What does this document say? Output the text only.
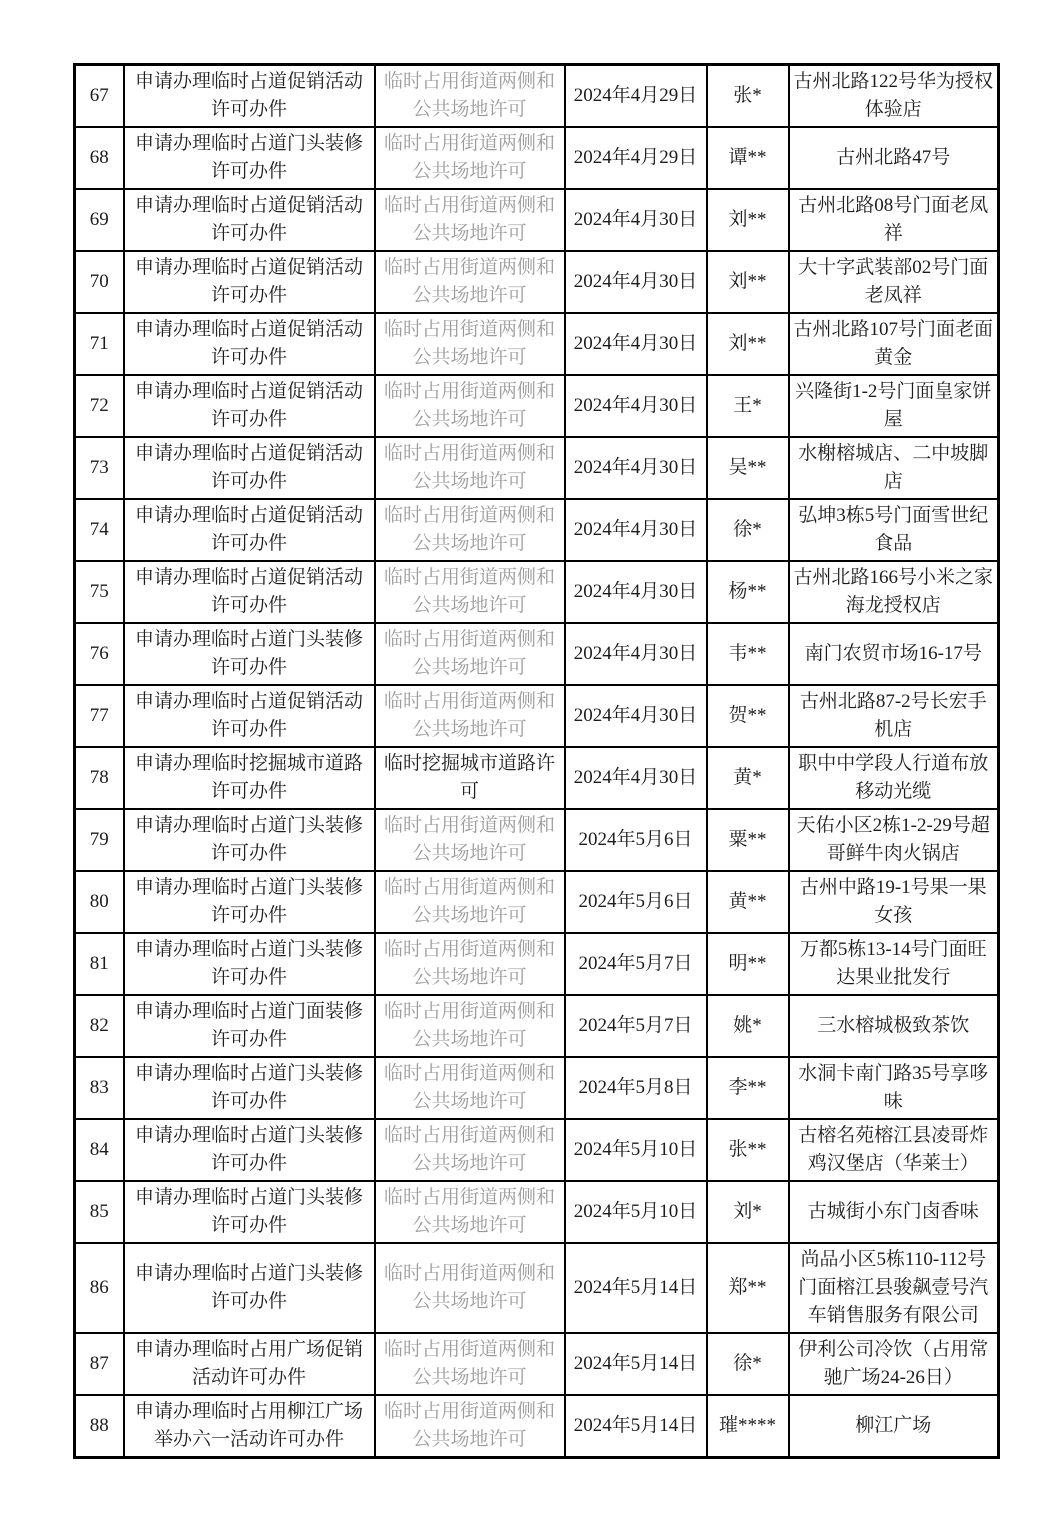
67	申请办理临时占道促销活动许可办件	临时占用街道两侧和公共场地许可	2024年4月29日	张*	古州北路122号华为授权体验店
68	申请办理临时占道门头装修许可办件	临时占用街道两侧和公共场地许可	2024年4月29日	谭**	古州北路47号
69	申请办理临时占道促销活动许可办件	临时占用街道两侧和公共场地许可	2024年4月30日	刘**	古州北路08号门面老凤祥
70	申请办理临时占道促销活动许可办件	临时占用街道两侧和公共场地许可	2024年4月30日	刘**	大十字武装部02号门面老凤祥
71	申请办理临时占道促销活动许可办件	临时占用街道两侧和公共场地许可	2024年4月30日	刘**	古州北路107号门面老面黄金
72	申请办理临时占道促销活动许可办件	临时占用街道两侧和公共场地许可	2024年4月30日	王*	兴隆街1-2号门面皇家饼屋
73	申请办理临时占道促销活动许可办件	临时占用街道两侧和公共场地许可	2024年4月30日	吴**	水榭榕城店、二中坡脚店
74	申请办理临时占道促销活动许可办件	临时占用街道两侧和公共场地许可	2024年4月30日	徐*	弘坤3栋5号门面雪世纪食品
75	申请办理临时占道促销活动许可办件	临时占用街道两侧和公共场地许可	2024年4月30日	杨**	古州北路166号小米之家海龙授权店
76	申请办理临时占道门头装修许可办件	临时占用街道两侧和公共场地许可	2024年4月30日	韦**	南门农贸市场16-17号
77	申请办理临时占道促销活动许可办件	临时占用街道两侧和公共场地许可	2024年4月30日	贺**	古州北路87-2号长宏手机店
78	申请办理临时挖掘城市道路许可办件	临时挖掘城市道路许可	2024年4月30日	黄*	职中中学段人行道布放移动光缆
79	申请办理临时占道门头装修许可办件	临时占用街道两侧和公共场地许可	2024年5月6日	粟**	天佑小区2栋1-2-29号超哥鲜牛肉火锅店
80	申请办理临时占道门头装修许可办件	临时占用街道两侧和公共场地许可	2024年5月6日	黄**	古州中路19-1号果一果女孩
81	申请办理临时占道门头装修许可办件	临时占用街道两侧和公共场地许可	2024年5月7日	明**	万都5栋13-14号门面旺达果业批发行
82	申请办理临时占道门面装修许可办件	临时占用街道两侧和公共场地许可	2024年5月7日	姚*	三水榕城极致茶饮
83	申请办理临时占道门头装修许可办件	临时占用街道两侧和公共场地许可	2024年5月8日	李**	水洞卡南门路35号享哆味
84	申请办理临时占道门头装修许可办件	临时占用街道两侧和公共场地许可	2024年5月10日	张**	古榕名苑榕江县凌哥炸鸡汉堡店（华莱士）
85	申请办理临时占道门头装修许可办件	临时占用街道两侧和公共场地许可	2024年5月10日	刘*	古城街小东门卤香味
86	申请办理临时占道门头装修许可办件	临时占用街道两侧和公共场地许可	2024年5月14日	郑**	尚品小区5栋110-112号门面榕江县骏飙壹号汽车销售服务有限公司
87	申请办理临时占用广场促销活动许可办件	临时占用街道两侧和公共场地许可	2024年5月14日	徐*	伊利公司冷饮（占用常驰广场24-26日）
88	申请办理临时占用柳江广场举办六一活动许可办件	临时占用街道两侧和公共场地许可	2024年5月14日	璀****	柳江广场
